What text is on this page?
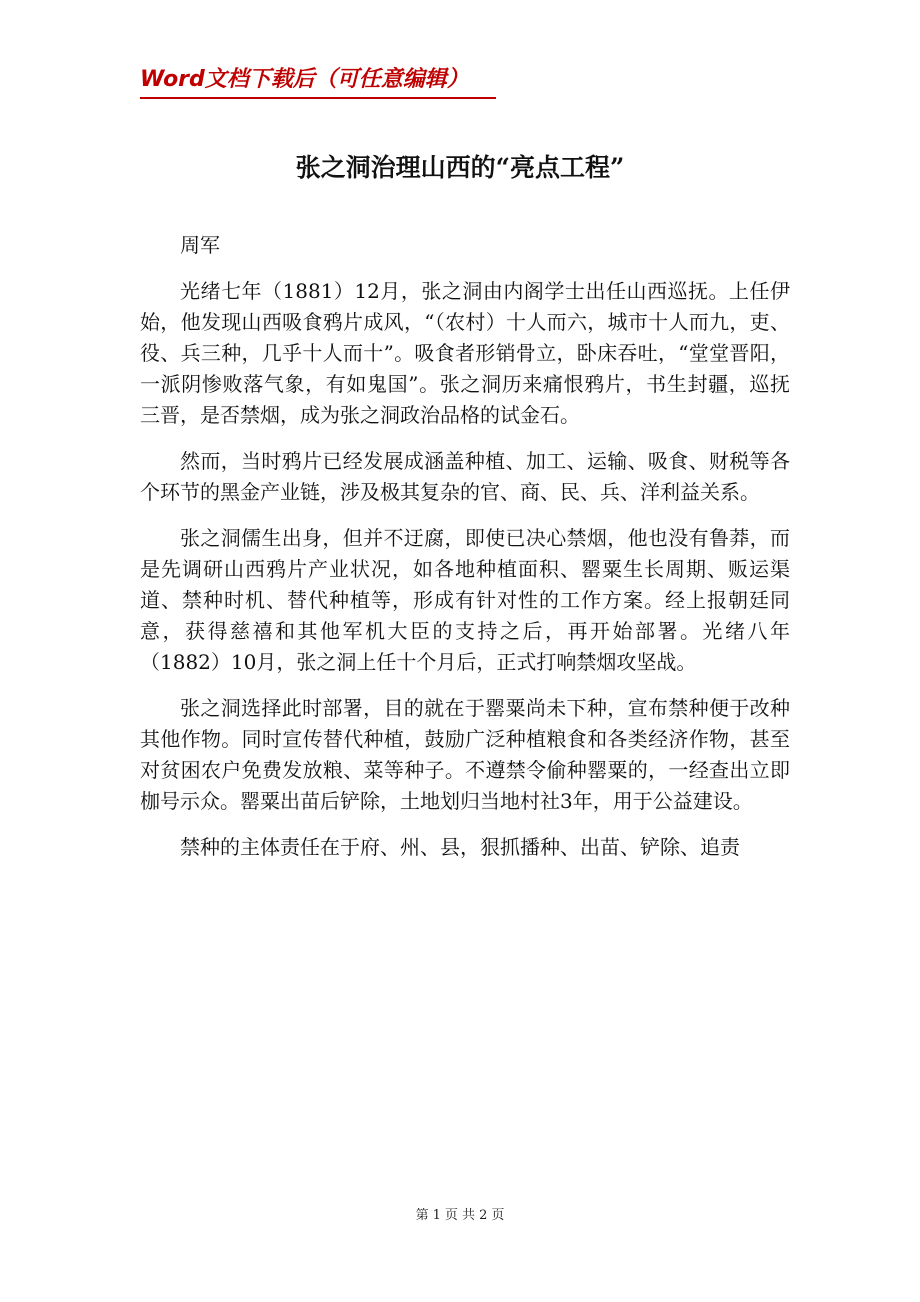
Word文档下载后（可任意编辑）
张之洞治理山西的“亮点工程”

周军

光绪七年（1881）12月，张之洞由内阁学士出任山西巡抚。上任伊始，他发现山西吸食鸦片成风，“（农村）十人而六，城市十人而九，吏、役、兵三种，几乎十人而十”。吸食者形销骨立，卧床吞吐，“堂堂晋阳，一派阴惨败落气象，有如鬼国”。张之洞历来痛恨鸦片，书生封疆，巡抚三晋，是否禁烟，成为张之洞政治品格的试金石。

然而，当时鸦片已经发展成涵盖种植、加工、运输、吸食、财税等各个环节的黑金产业链，涉及极其复杂的官、商、民、兵、洋利益关系。

张之洞儒生出身，但并不迂腐，即使已决心禁烟，他也没有鲁莽，而是先调研山西鸦片产业状况，如各地种植面积、罂粟生长周期、贩运渠道、禁种时机、替代种植等，形成有针对性的工作方案。经上报朝廷同意，获得慈禧和其他军机大臣的支持之后，再开始部署。光绪八年（1882）10月，张之洞上任十个月后，正式打响禁烟攻坚战。

张之洞选择此时部署，目的就在于罂粟尚未下种，宣布禁种便于改种其他作物。同时宣传替代种植，鼓励广泛种植粮食和各类经济作物，甚至对贫困农户免费发放粮、菜等种子。不遵禁令偷种罂粟的，一经查出立即枷号示众。罂粟出苗后铲除，土地划归当地村社3年，用于公益建设。

禁种的主体责任在于府、州、县，狠抓播种、出苗、铲除、追责

第 1 页 共 2 页
